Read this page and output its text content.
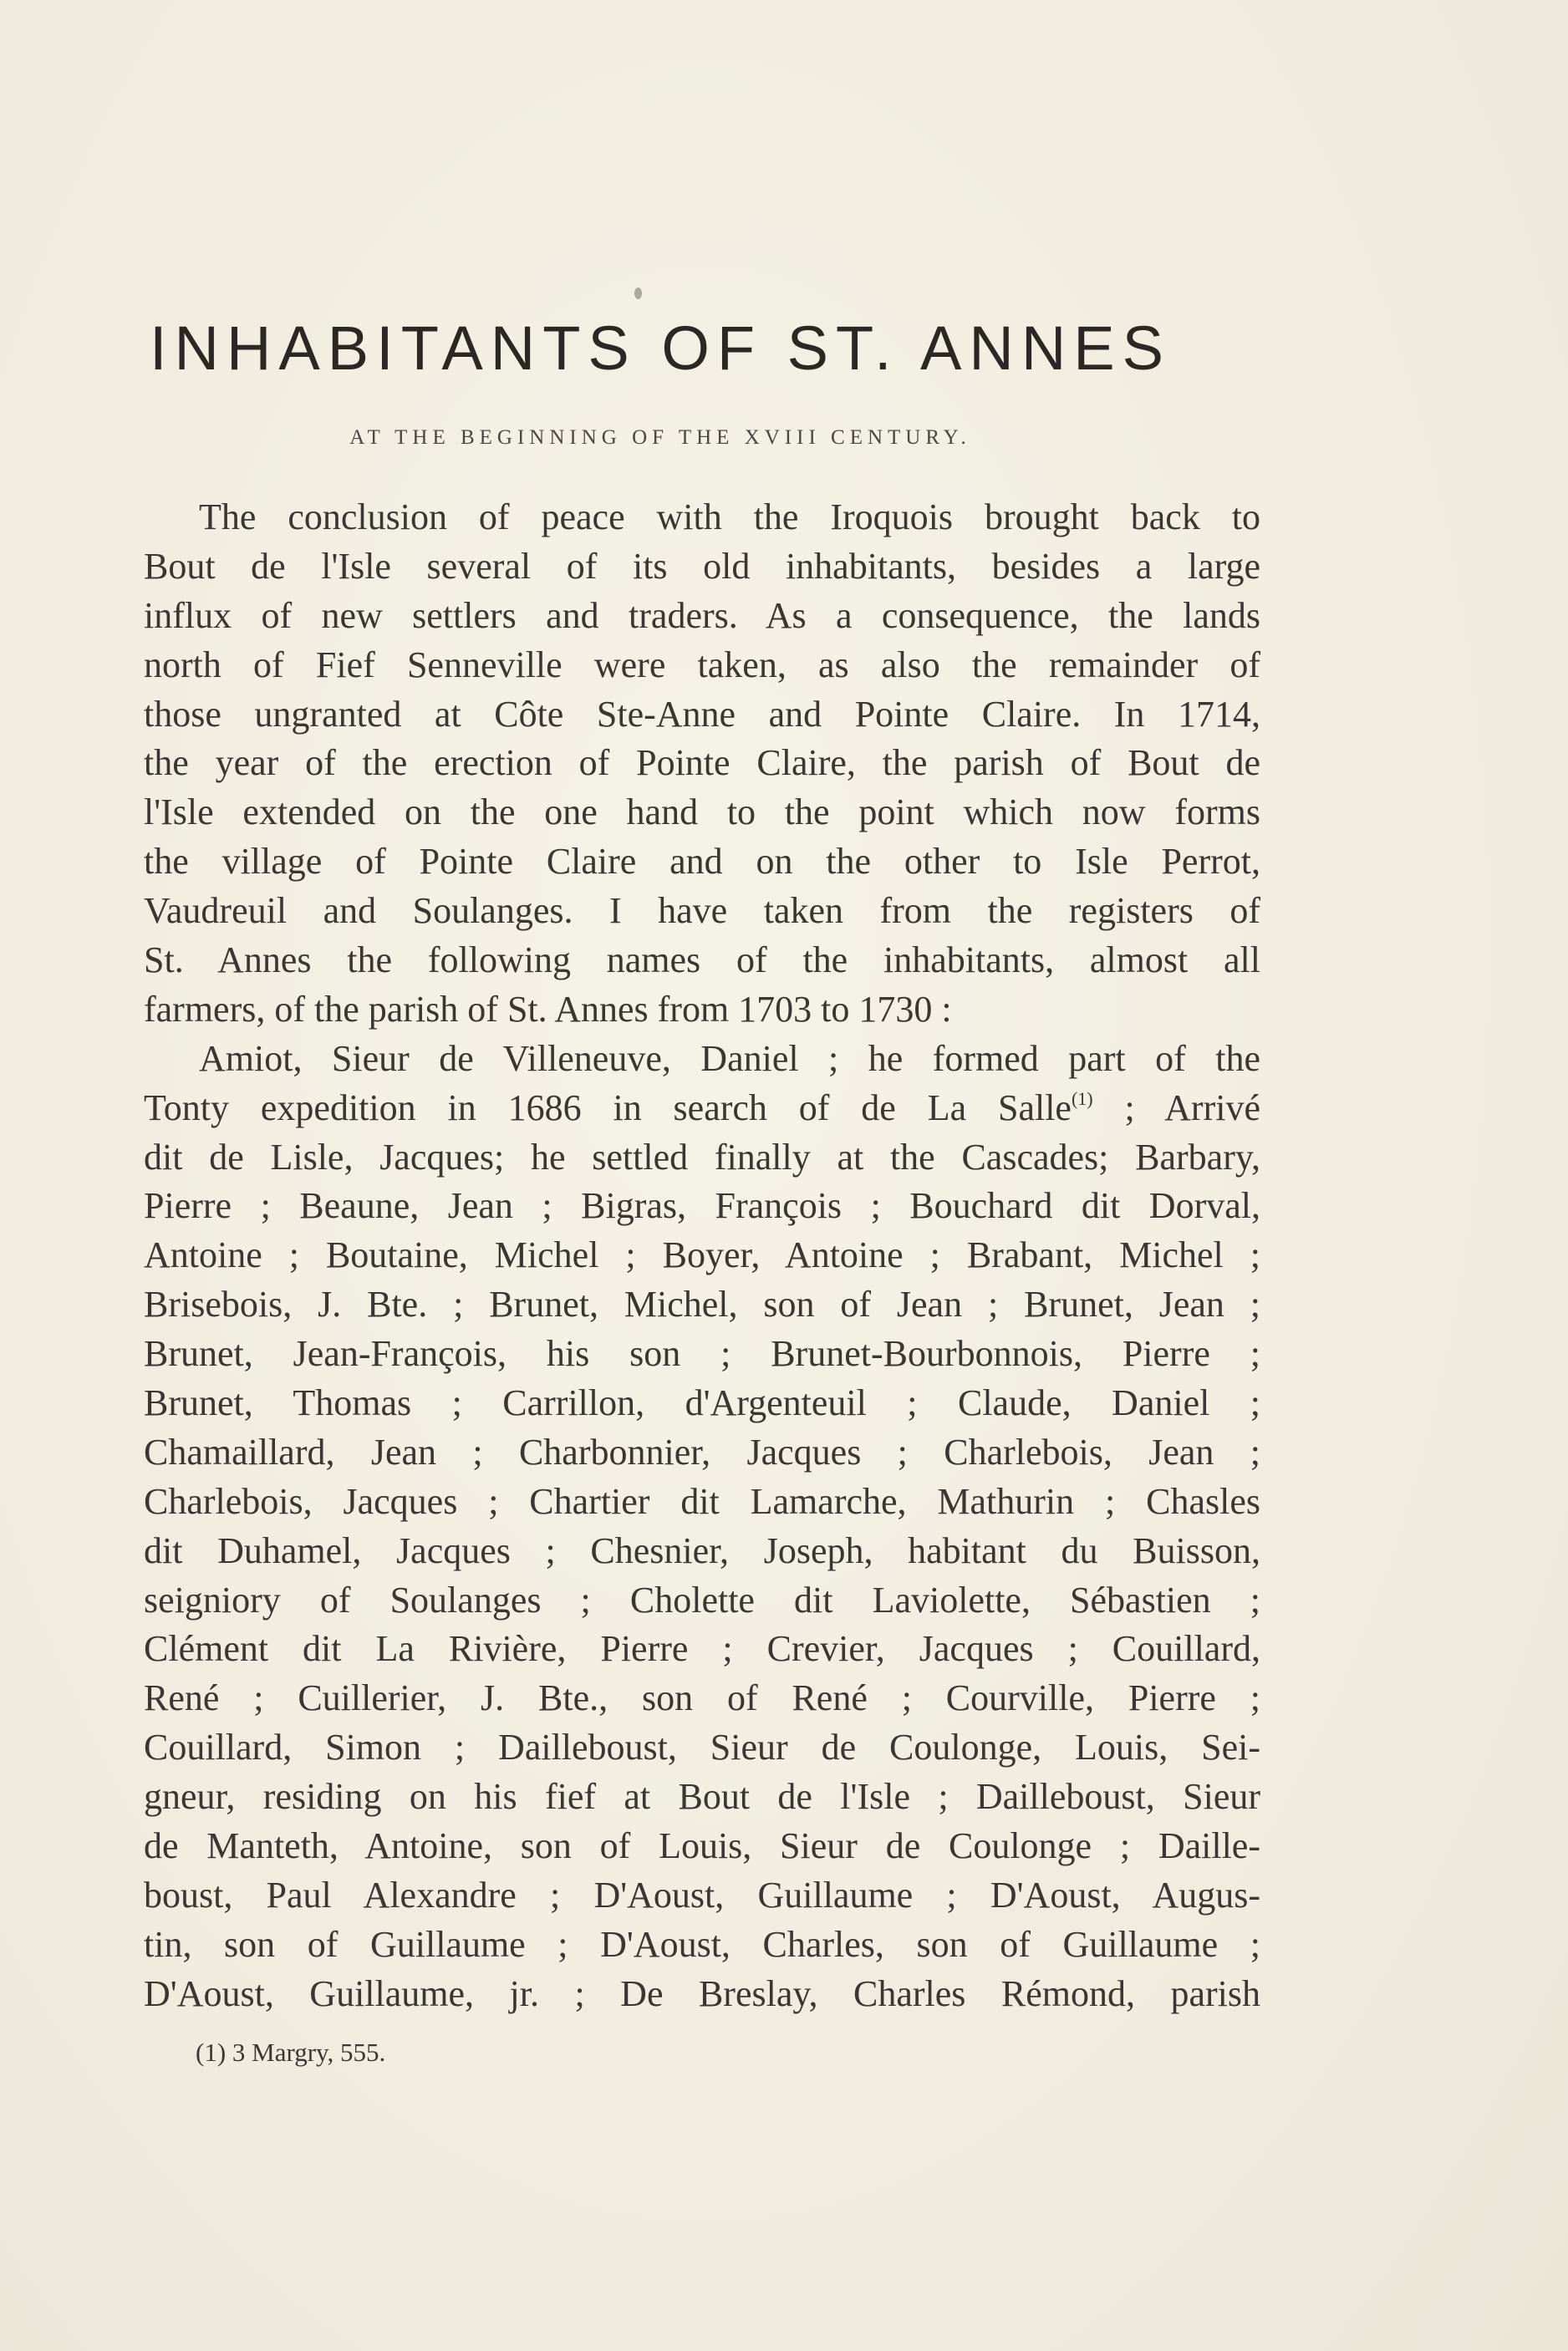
INHABITANTS OF ST. ANNES

AT THE BEGINNING OF THE XVIII CENTURY.

The conclusion of peace with the Iroquois brought back to
Bout de l'Isle several of its old inhabitants, besides a large
influx of new settlers and traders. As a consequence, the lands
north of Fief Senneville were taken, as also the remainder of
those ungranted at Côte Ste-Anne and Pointe Claire. In 1714,
the year of the erection of Pointe Claire, the parish of Bout de
l'Isle extended on the one hand to the point which now forms
the village of Pointe Claire and on the other to Isle Perrot,
Vaudreuil and Soulanges. I have taken from the registers of
St. Annes the following names of the inhabitants, almost all
farmers, of the parish of St. Annes from 1703 to 1730 :
Amiot, Sieur de Villeneuve, Daniel ; he formed part of the
Tonty expedition in 1686 in search of de La Salle$^{(1)}$ ; Arrivé
dit de Lisle, Jacques; he settled finally at the Cascades; Barbary,
Pierre ; Beaune, Jean ; Bigras, François ; Bouchard dit Dorval,
Antoine ; Boutaine, Michel ; Boyer, Antoine ; Brabant, Michel ;
Brisebois, J. Bte. ; Brunet, Michel, son of Jean ; Brunet, Jean ;
Brunet, Jean-François, his son ; Brunet-Bourbonnois, Pierre ;
Brunet, Thomas ; Carrillon, d'Argenteuil ; Claude, Daniel ;
Chamaillard, Jean ; Charbonnier, Jacques ; Charlebois, Jean ;
Charlebois, Jacques ; Chartier dit Lamarche, Mathurin ; Chasles
dit Duhamel, Jacques ; Chesnier, Joseph, habitant du Buisson,
seigniory of Soulanges ; Cholette dit Laviolette, Sébastien ;
Clément dit La Rivière, Pierre ; Crevier, Jacques ; Couillard,
René ; Cuillerier, J. Bte., son of René ; Courville, Pierre ;
Couillard, Simon ; Dailleboust, Sieur de Coulonge, Louis, Sei-
gneur, residing on his fief at Bout de l'Isle ; Dailleboust, Sieur
de Manteth, Antoine, son of Louis, Sieur de Coulonge ; Daille-
boust, Paul Alexandre ; D'Aoust, Guillaume ; D'Aoust, Augus-
tin, son of Guillaume ; D'Aoust, Charles, son of Guillaume ;
D'Aoust, Guillaume, jr. ; De Breslay, Charles Rémond, parish

(1) 3 Margry, 555.
